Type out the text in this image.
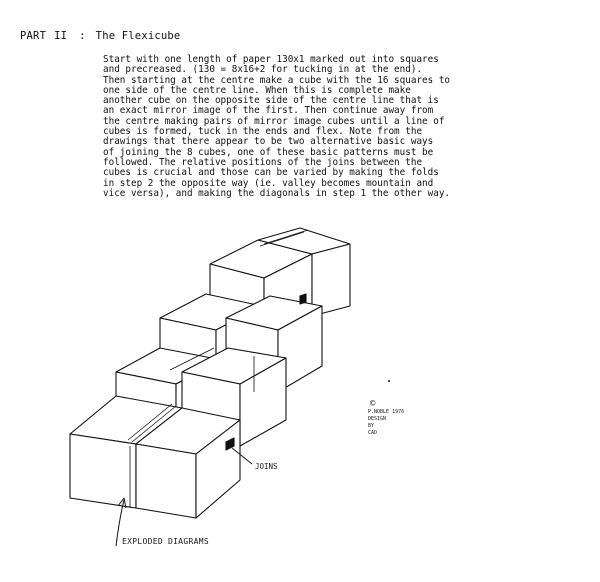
PART II : The Flexicube
Start with one length of paper 130x1 marked out into squares
and precreased. (130 = 8x16+2 for tucking in at the end).
Then starting at the centre make a cube with the 16 squares to
one side of the centre line. When this is complete make
another cube on the opposite side of the centre line that is
an exact mirror image of the first. Then continue away from
the centre making pairs of mirror image cubes until a line of
cubes is formed, tuck in the ends and flex. Note from the
drawings that there appear to be two alternative basic ways
of joining the 8 cubes, one of these basic patterns must be
followed. The relative positions of the joins between the
cubes is crucial and those can be varied by making the folds
in step 2 the opposite way (ie. valley becomes mountain and
vice versa), and making the diagonals in step 1 the other way.
JOINS
EXPLODED DIAGRAMS
©
P.NOBLE 1976
DESIGN
BY
CAD
